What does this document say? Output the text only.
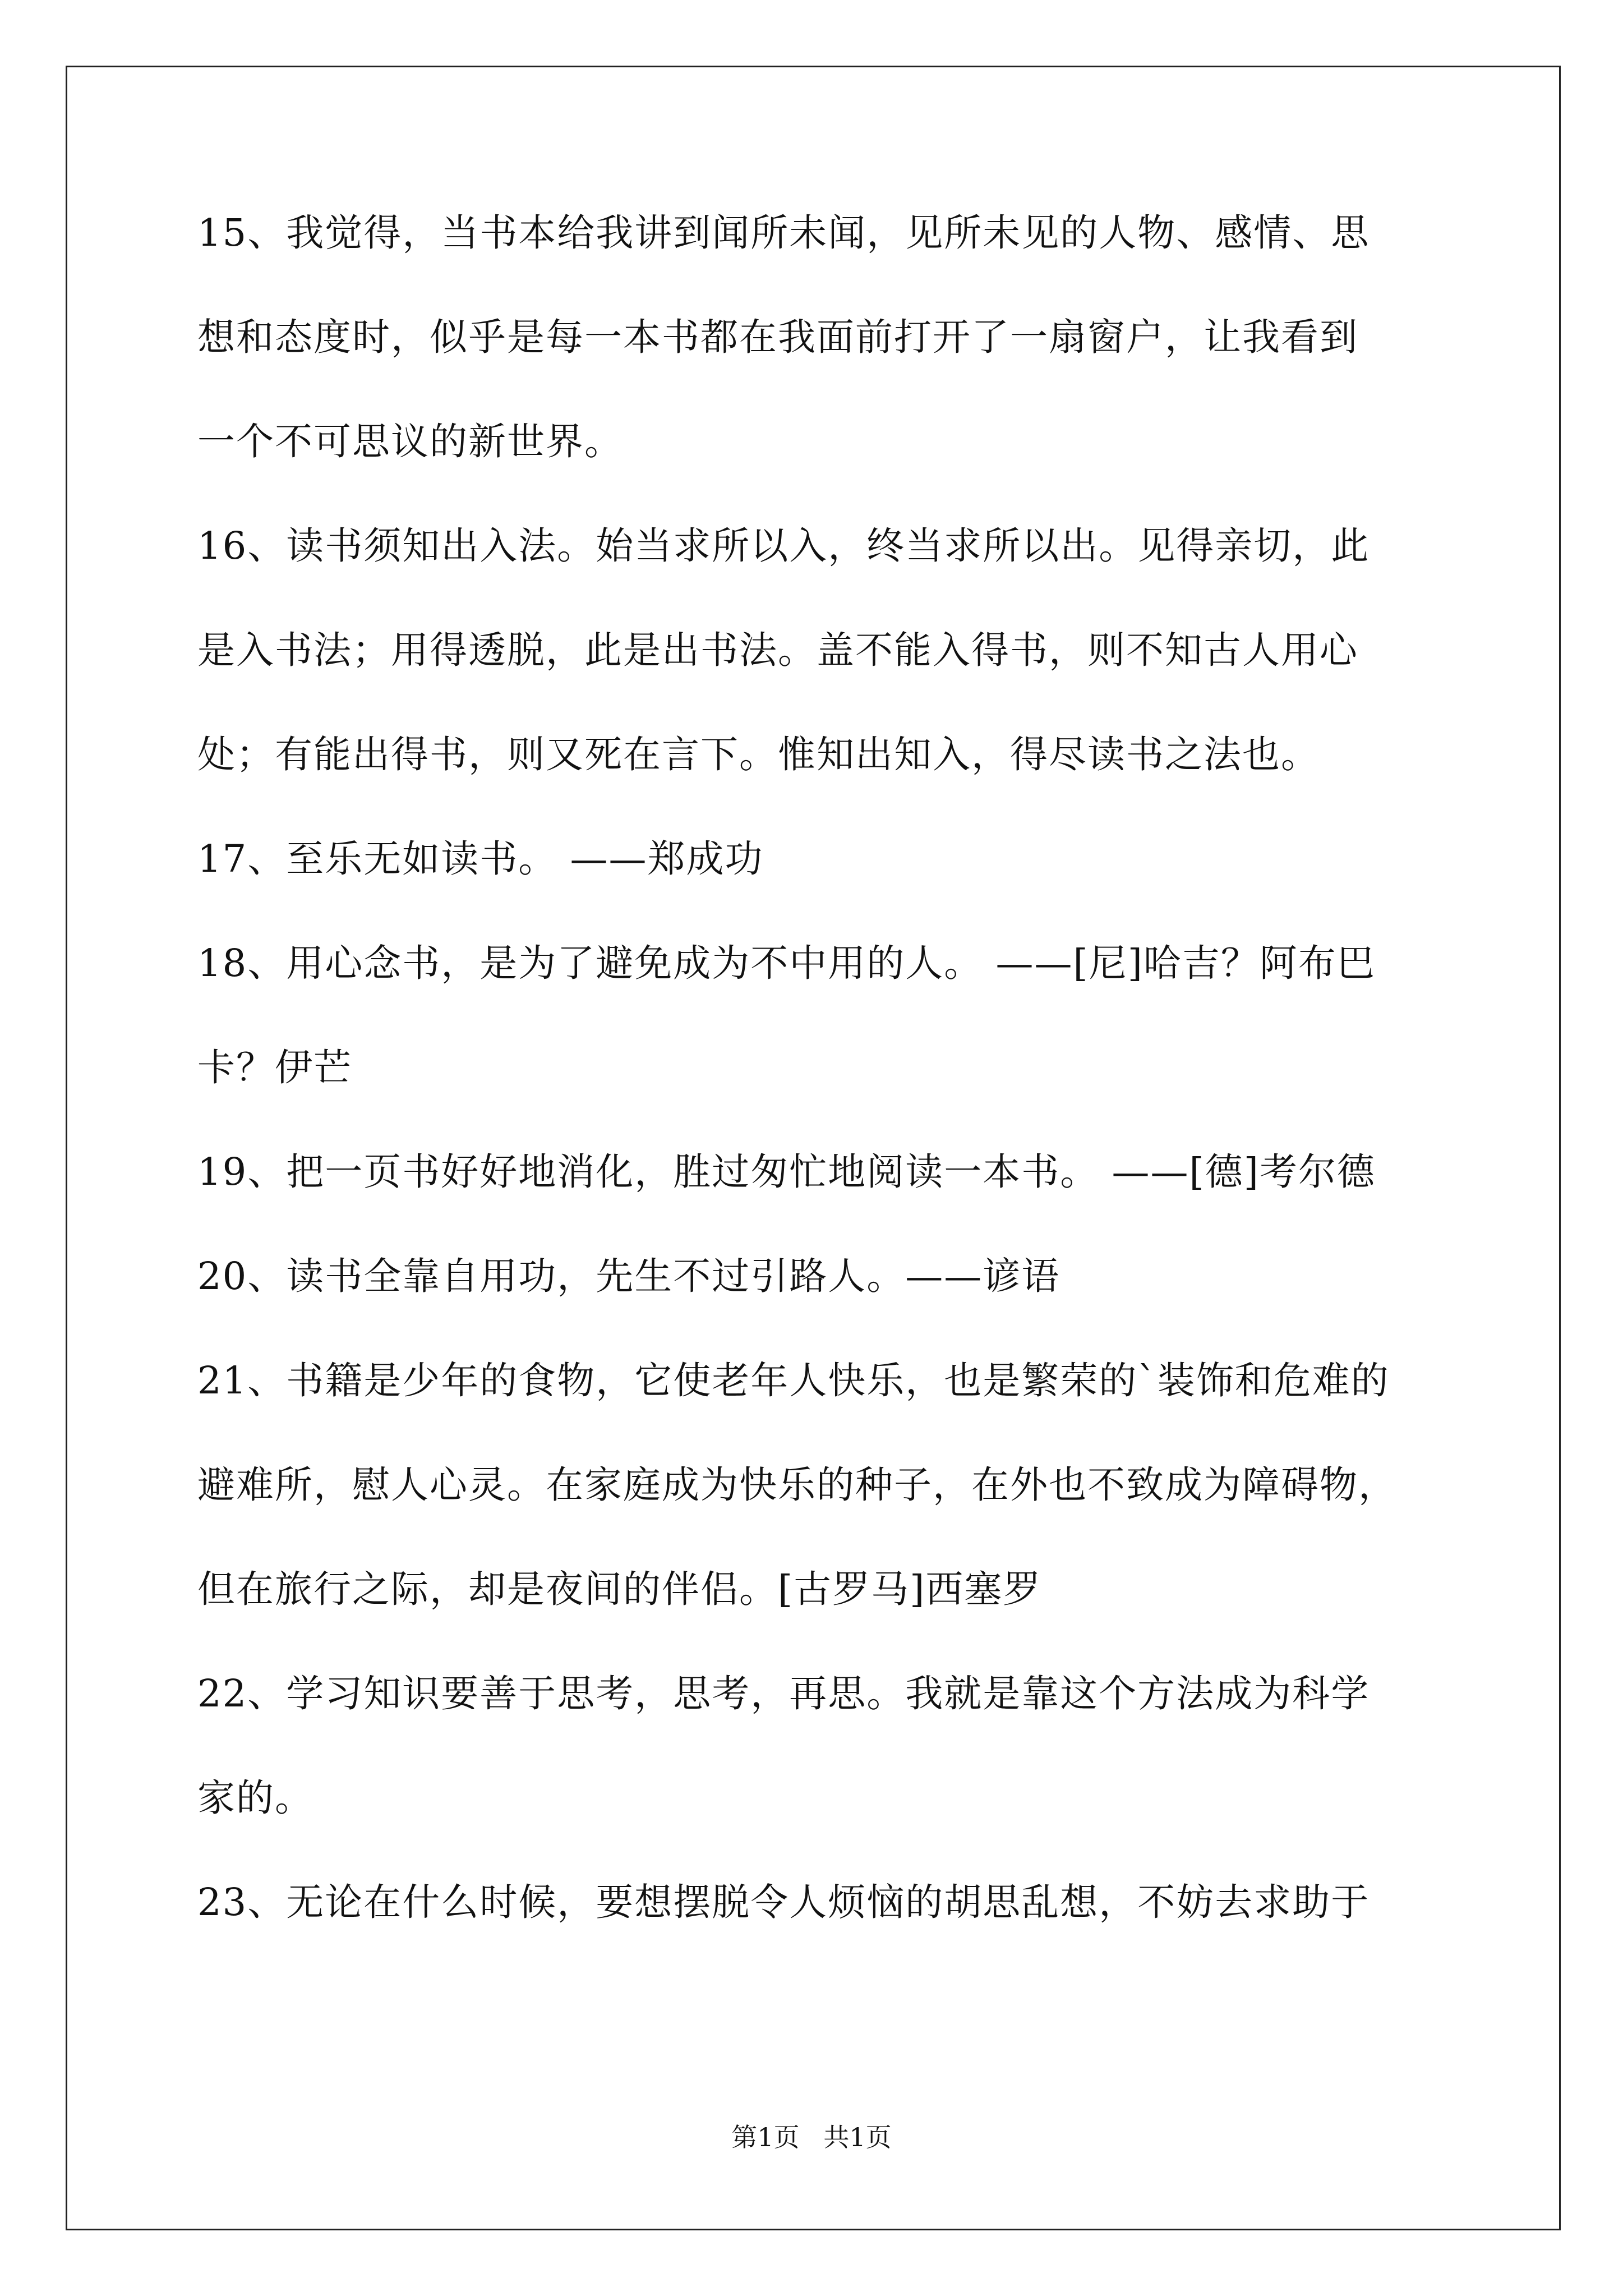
15、我觉得，当书本给我讲到闻所未闻，见所未见的人物、感情、思
想和态度时，似乎是每一本书都在我面前打开了一扇窗户，让我看到
一个不可思议的新世界。
16、读书须知出入法。始当求所以入，终当求所以出。见得亲切，此
是入书法；用得透脱，此是出书法。盖不能入得书，则不知古人用心
处；有能出得书，则又死在言下。惟知出知入，得尽读书之法也。
17、至乐无如读书。 ——郑成功
18、用心念书，是为了避免成为不中用的人。 ——[尼]哈吉？阿布巴
卡？伊芒
19、把一页书好好地消化，胜过匆忙地阅读一本书。 ——[德]考尔德
20、读书全靠自用功，先生不过引路人。——谚语
21、书籍是少年的食物，它使老年人快乐，也是繁荣的`装饰和危难的
避难所，慰人心灵。在家庭成为快乐的种子，在外也不致成为障碍物，
但在旅行之际，却是夜间的伴侣。[古罗马]西塞罗
22、学习知识要善于思考，思考，再思。我就是靠这个方法成为科学
家的。
23、无论在什么时候，要想摆脱令人烦恼的胡思乱想，不妨去求助于
第1页 共1页
